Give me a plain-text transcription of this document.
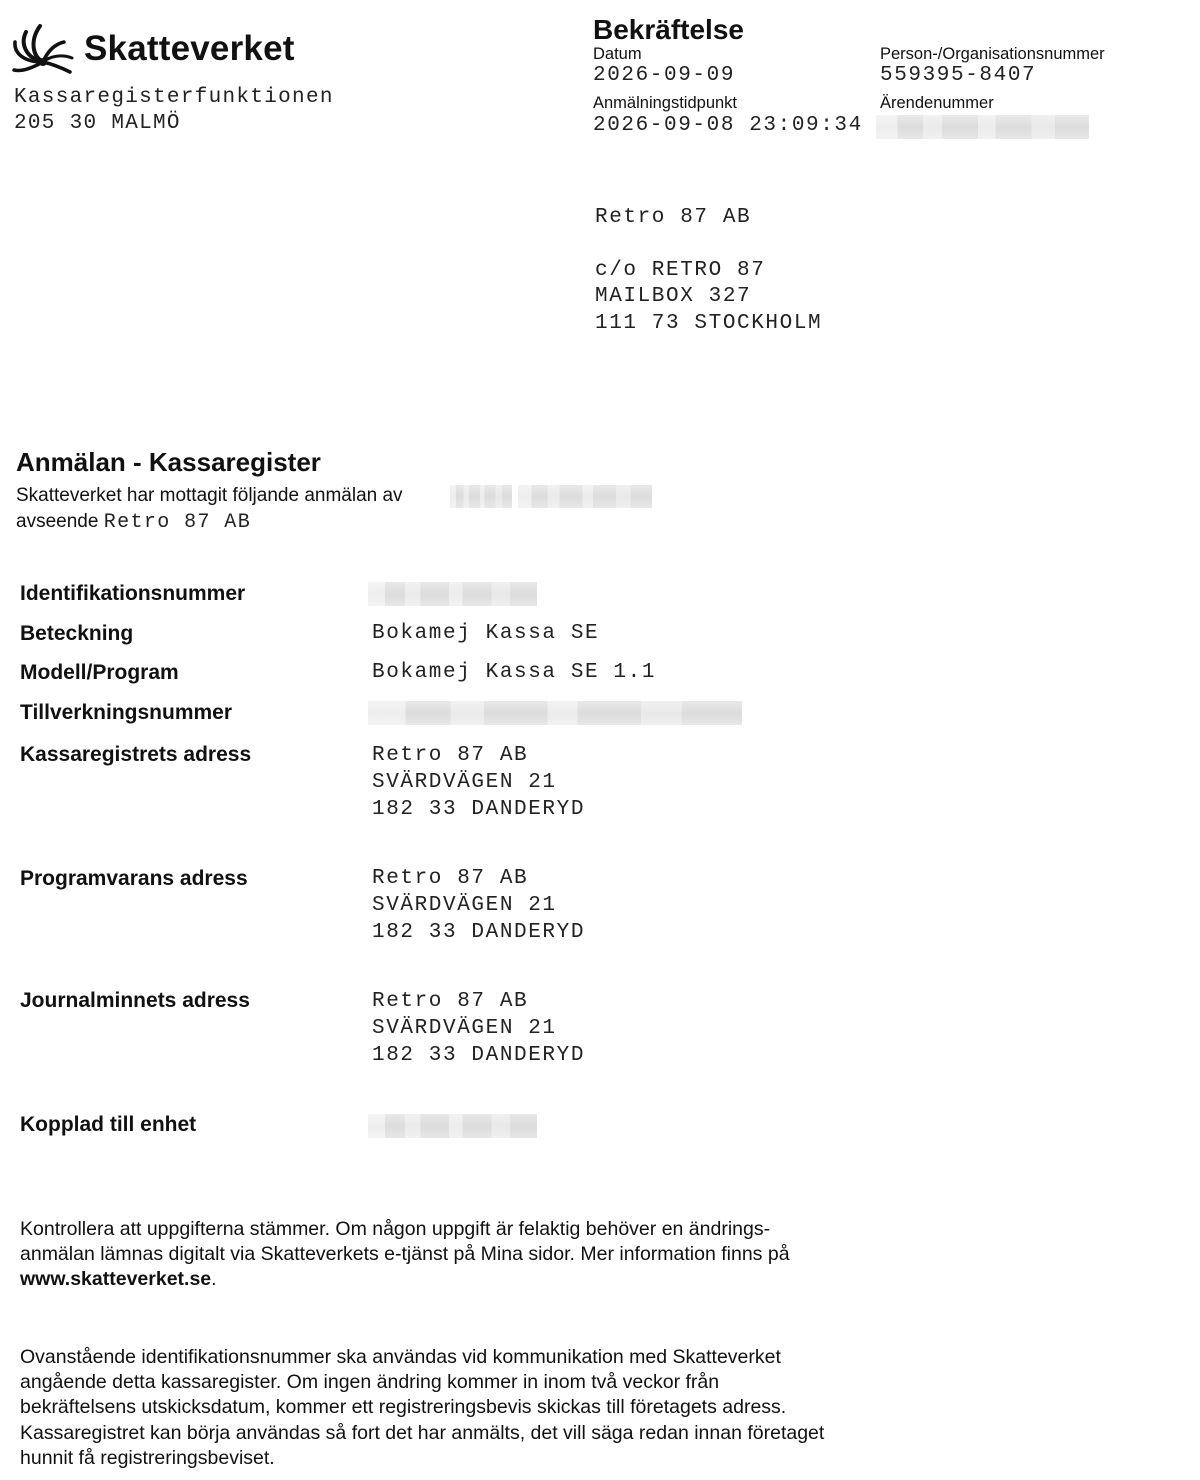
Skatteverket
Kassaregisterfunktionen
205 30 MALMÖ
Bekräftelse
Datum
2026-09-09
Anmälningstidpunkt
2026-09-08 23:09:34
Person-/Organisationsnummer
559395-8407
Ärendenummer
Retro 87 AB
c/o RETRO 87
MAILBOX 327
111 73 STOCKHOLM
Anmälan - Kassaregister
Skatteverket har mottagit följande anmälan av
avseende Retro 87 AB
Identifikationsnummer
Beteckning	Bokamej Kassa SE
Modell/Program	Bokamej Kassa SE 1.1
Tillverkningsnummer
Kassaregistrets adress	Retro 87 AB
SVÄRDVÄGEN 21
182 33 DANDERYD
Programvarans adress	Retro 87 AB
SVÄRDVÄGEN 21
182 33 DANDERYD
Journalminnets adress	Retro 87 AB
SVÄRDVÄGEN 21
182 33 DANDERYD
Kopplad till enhet
Kontrollera att uppgifterna stämmer. Om någon uppgift är felaktig behöver en ändrings-
anmälan lämnas digitalt via Skatteverkets e-tjänst på Mina sidor. Mer information finns på
www.skatteverket.se.
Ovanstående identifikationsnummer ska användas vid kommunikation med Skatteverket
angående detta kassaregister. Om ingen ändring kommer in inom två veckor från
bekräftelsens utskicksdatum, kommer ett registreringsbevis skickas till företagets adress.
Kassaregistret kan börja användas så fort det har anmälts, det vill säga redan innan företaget
hunnit få registreringsbeviset.
